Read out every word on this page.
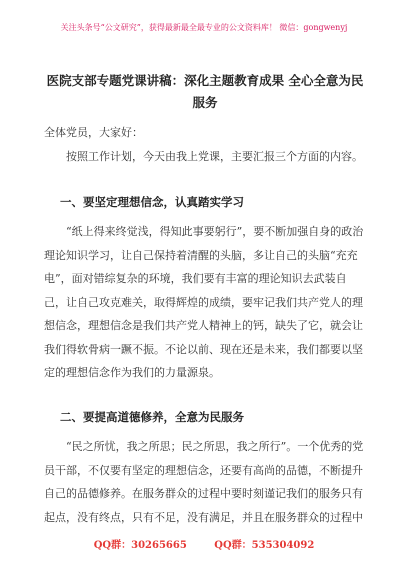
关注头条号“公文研究”，获得最新最全最专业的公文资料库！ 微信：gongwenyj
医院支部专题党课讲稿：深化主题教育成果 全心全意为民服务
全体党员，大家好：
按照工作计划，今天由我上党课，主要汇报三个方面的内容。
一、要坚定理想信念，认真踏实学习
“纸上得来终觉浅，得知此事要躬行”，要不断加强自身的政治理论知识学习，让自己保持着清醒的头脑，多让自己的头脑“充充电”，面对错综复杂的环境，我们要有丰富的理论知识去武装自己，让自己攻克难关，取得辉煌的成绩，要牢记我们共产党人的理想信念，理想信念是我们共产党人精神上的钙，缺失了它，就会让我们得软骨病一蹶不振。不论以前、现在还是未来，我们都要以坚定的理想信念作为我们的力量源泉。
二、要提高道德修养，全意为民服务
“民之所忧，我之所思；民之所思，我之所行”。一个优秀的党员干部，不仅要有坚定的理想信念，还要有高尚的品德，不断提升自己的品德修养。在服务群众的过程中要时刻谨记我们的服务只有起点，没有终点，只有不足，没有满足，并且在服务群众的过程中
QQ群：30265665	QQ群：535304092
